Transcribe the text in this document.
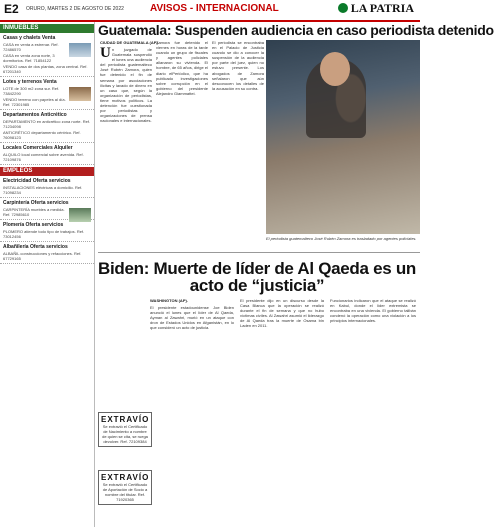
E2 ORURO, MARTES 2 DE AGOSTO DE 2022	AVISOS - INTERNACIONAL	LA PATRIA
INMUEBLES
Casas y chalets Venta
CASA en venta a estrenar. Ref. 72486570
CASA en venta zona norte, 3 dormitorios. Ref. 71854122
VENDO casa de dos plantas, zona central. Ref. 67201340
Lotes y terrenos Venta
LOTE de 300 m2 zona sur. Ref. 73842290
VENDO terreno con papeles al día. Ref. 72301985
Departamentos Anticrético
DEPARTAMENTO en anticrético zona norte. Ref. 71234098
ANTICRÉTICO departamento céntrico. Ref. 76098123
Locales Comerciales Alquiler
ALQUILO local comercial sobre avenida. Ref. 72109876
EMPLEOS
Electricidad Oferta servicios
INSTALACIONES eléctricas a domicilio. Ref. 71098234
Carpintería Oferta servicios
CARPINTERÍA muebles a medida. Ref. 72985610
Plomería Oferta servicios
PLOMERO atiende todo tipo de trabajos. Ref. 73012456
Albañilería Oferta servicios
ALBAÑIL construcciones y refacciones. Ref. 67729165
Guatemala: Suspenden audiencia en caso periodista detenido
CIUDAD DE GUATEMALA (AP).
Un juzgado de Guatemala suspendió el lunes una audiencia del periodista guatemalteco José Rubén Zamora, quien fue detenido el fin de semana por asociaciones ilícitas y lavado de dinero en un caso que, según la organización de periodistas, tiene motivos políticos. La detención fue cuestionada por periodistas y organizaciones de prensa nacionales e internacionales.
Zamora fue detenido el viernes en horas de la tarde cuando un grupo de fiscales y agentes policiales allanaron su vivienda. El hombre, de 65 años, dirige el diario elPeriódico, que ha publicado investigaciones sobre corrupción en el gobierno del presidente Alejandro Giammattei.
El periodista se encontraba en el Palacio de Justicia cuando se dio a conocer la suspensión de la audiencia por parte del juez, quien no estuvo presente. Los abogados de Zamora señalaron que aún desconocen los detalles de la acusación en su contra.
El periodista guatemalteco José Rubén Zamora es trasladado por agentes policiales.
Biden: Muerte de líder de Al Qaeda es un acto de “justicia”
WASHINGTON (AP).
El presidente estadounidense Joe Biden anunció el lunes que el líder de Al Qaeda, Ayman al Zawahri, murió en un ataque con dron de Estados Unidos en Afganistán, en lo que consideró un acto de justicia.
El presidente dijo en un discurso desde la Casa Blanca que la operación se realizó durante el fin de semana y que no hubo víctimas civiles. Al Zawahri asumió el liderazgo de Al Qaeda tras la muerte de Osama bin Laden en 2011.
Funcionarios indicaron que el ataque se realizó en Kabul, donde el líder extremista se encontraba en una vivienda. El gobierno talibán condenó la operación como una violación a los principios internacionales.
EXTRAVÍO
Se extravió el Certificado de Nacimiento a nombre de quien se cita, se ruega devolver. Ref. 72109384
EXTRAVÍO
Se extravió el Certificado de Aportación de Socio a nombre del titular. Ref. 71920365
